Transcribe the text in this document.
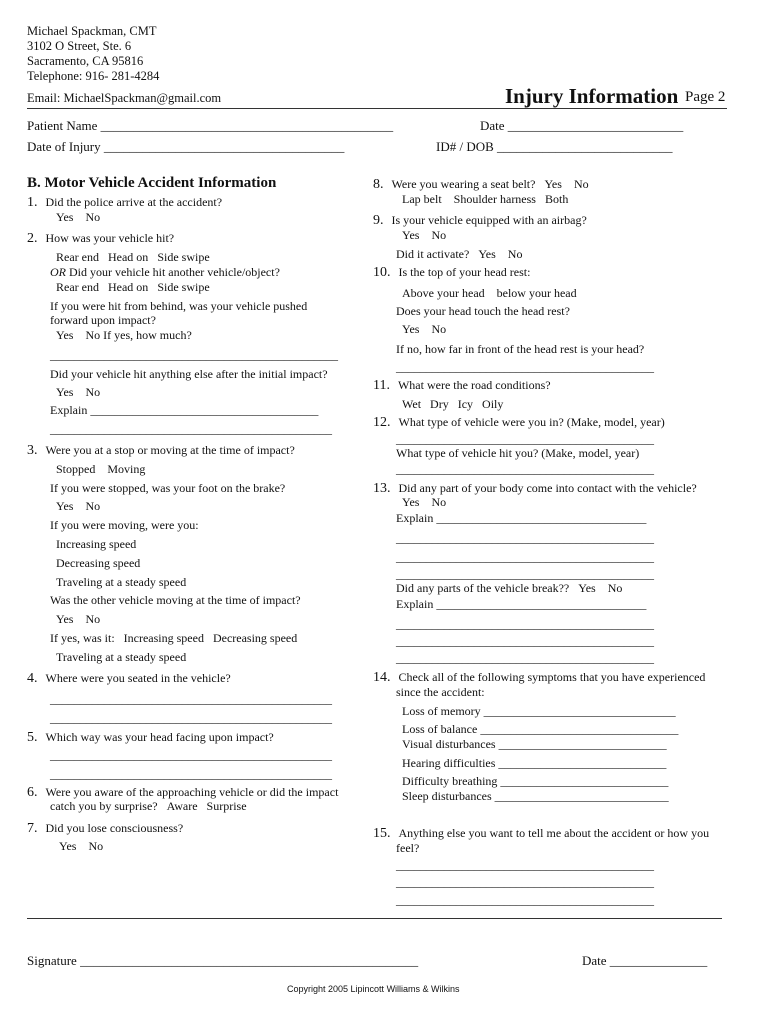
Michael Spackman, CMT
3102 O Street, Ste. 6
Sacramento, CA 95816
Telephone: 916- 281-4284
Email: MichaelSpackman@gmail.com	Injury Information Page 2
Patient Name _____________________________________________	Date ___________________________
Date of Injury _____________________________________	ID# / DOB ___________________________
B. Motor Vehicle Accident Information
1. Did the police arrive at the accident?
Yes No
2. How was your vehicle hit?
Rear end Head on Side swipe
OR Did your vehicle hit another vehicle/object?
Rear end Head on Side swipe
If you were hit from behind, was your vehicle pushed
forward upon impact?
Yes No If yes, how much?
________________________________________________
Did your vehicle hit anything else after the initial impact?
Yes No
Explain ______________________________________
_______________________________________________
3. Were you at a stop or moving at the time of impact?
Stopped Moving
If you were stopped, was your foot on the brake?
Yes No
If you were moving, were you:
Increasing speed
Decreasing speed
Traveling at a steady speed
Was the other vehicle moving at the time of impact?
Yes No
If yes, was it: Increasing speed Decreasing speed
Traveling at a steady speed
4. Where were you seated in the vehicle?
_______________________________________________
_______________________________________________
5. Which way was your head facing upon impact?
_______________________________________________
_______________________________________________
6. Were you aware of the approaching vehicle or did the impact
catch you by surprise? Aware Surprise
7. Did you lose consciousness?
Yes No
8. Were you wearing a seat belt? Yes No
Lap belt Shoulder harness Both
9. Is your vehicle equipped with an airbag?
Yes No
Did it activate? Yes No
10. Is the top of your head rest:
Above your head below your head
Does your head touch the head rest?
Yes No
If no, how far in front of the head rest is your head?
___________________________________________
11. What were the road conditions?
Wet Dry Icy Oily
12. What type of vehicle were you in? (Make, model, year)
___________________________________________
What type of vehicle hit you? (Make, model, year)
___________________________________________
13. Did any part of your body come into contact with the vehicle?
Yes No
Explain ___________________________________
___________________________________________
___________________________________________
___________________________________________
Did any parts of the vehicle break?? Yes No
Explain ___________________________________
___________________________________________
___________________________________________
___________________________________________
14. Check all of the following symptoms that you have experienced
since the accident:
Loss of memory ________________________________
Loss of balance _________________________________
Visual disturbances ____________________________
Hearing difficulties ____________________________
Difficulty breathing ____________________________
Sleep disturbances _____________________________
15. Anything else you want to tell me about the accident or how you
feel?
___________________________________________
___________________________________________
___________________________________________
Signature ____________________________________________________	Date _______________
Copyright 2005 Lipincott Williams & Wilkins
